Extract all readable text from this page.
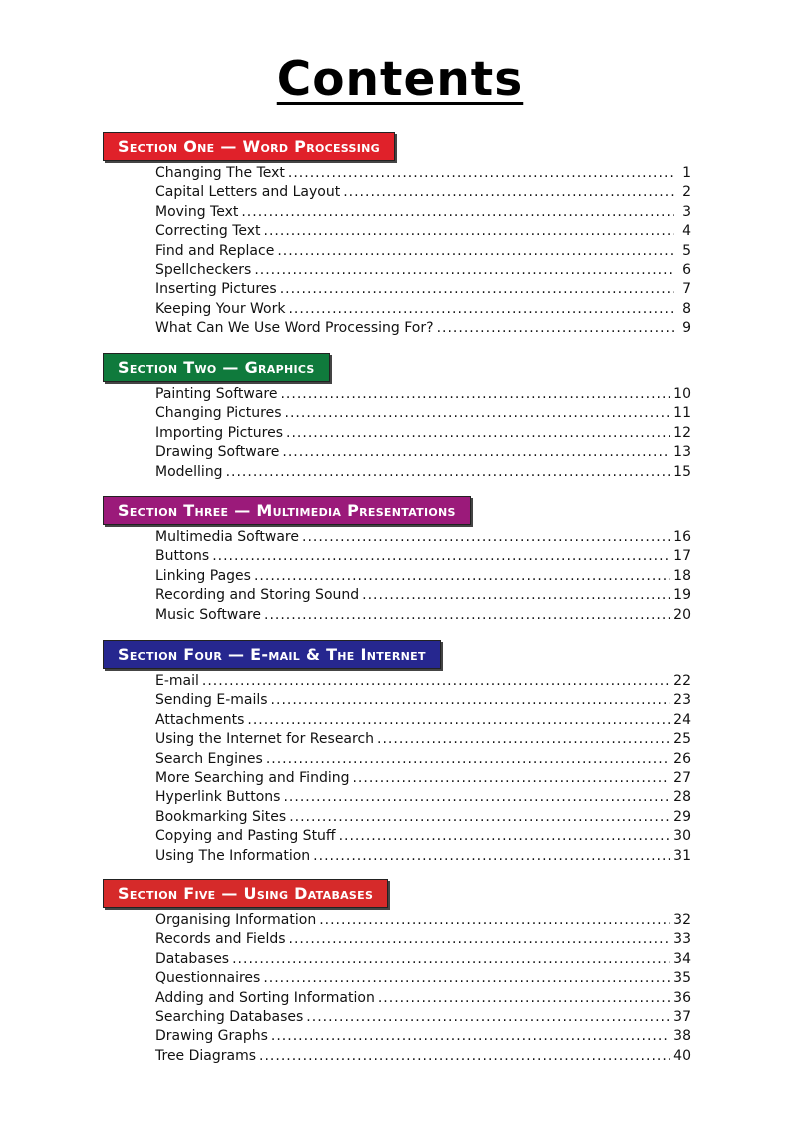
Contents
Section One — Word Processing
Changing The Text .....	1
Capital Letters and Layout .....	2
Moving Text .....	3
Correcting Text .....	4
Find and Replace .....	5
Spellcheckers .....	6
Inserting Pictures .....	7
Keeping Your Work .....	8
What Can We Use Word Processing For? .....	9
Section Two — Graphics
Painting Software .....	10
Changing Pictures .....	11
Importing Pictures .....	12
Drawing Software .....	13
Modelling .....	15
Section Three — Multimedia Presentations
Multimedia Software .....	16
Buttons .....	17
Linking Pages .....	18
Recording and Storing Sound .....	19
Music Software .....	20
Section Four — E-mail & The Internet
E-mail .....	22
Sending E-mails .....	23
Attachments .....	24
Using the Internet for Research .....	25
Search Engines .....	26
More Searching and Finding .....	27
Hyperlink Buttons .....	28
Bookmarking Sites .....	29
Copying and Pasting Stuff .....	30
Using The Information .....	31
Section Five — Using Databases
Organising Information .....	32
Records and Fields .....	33
Databases .....	34
Questionnaires .....	35
Adding and Sorting Information .....	36
Searching Databases .....	37
Drawing Graphs .....	38
Tree Diagrams .....	40
